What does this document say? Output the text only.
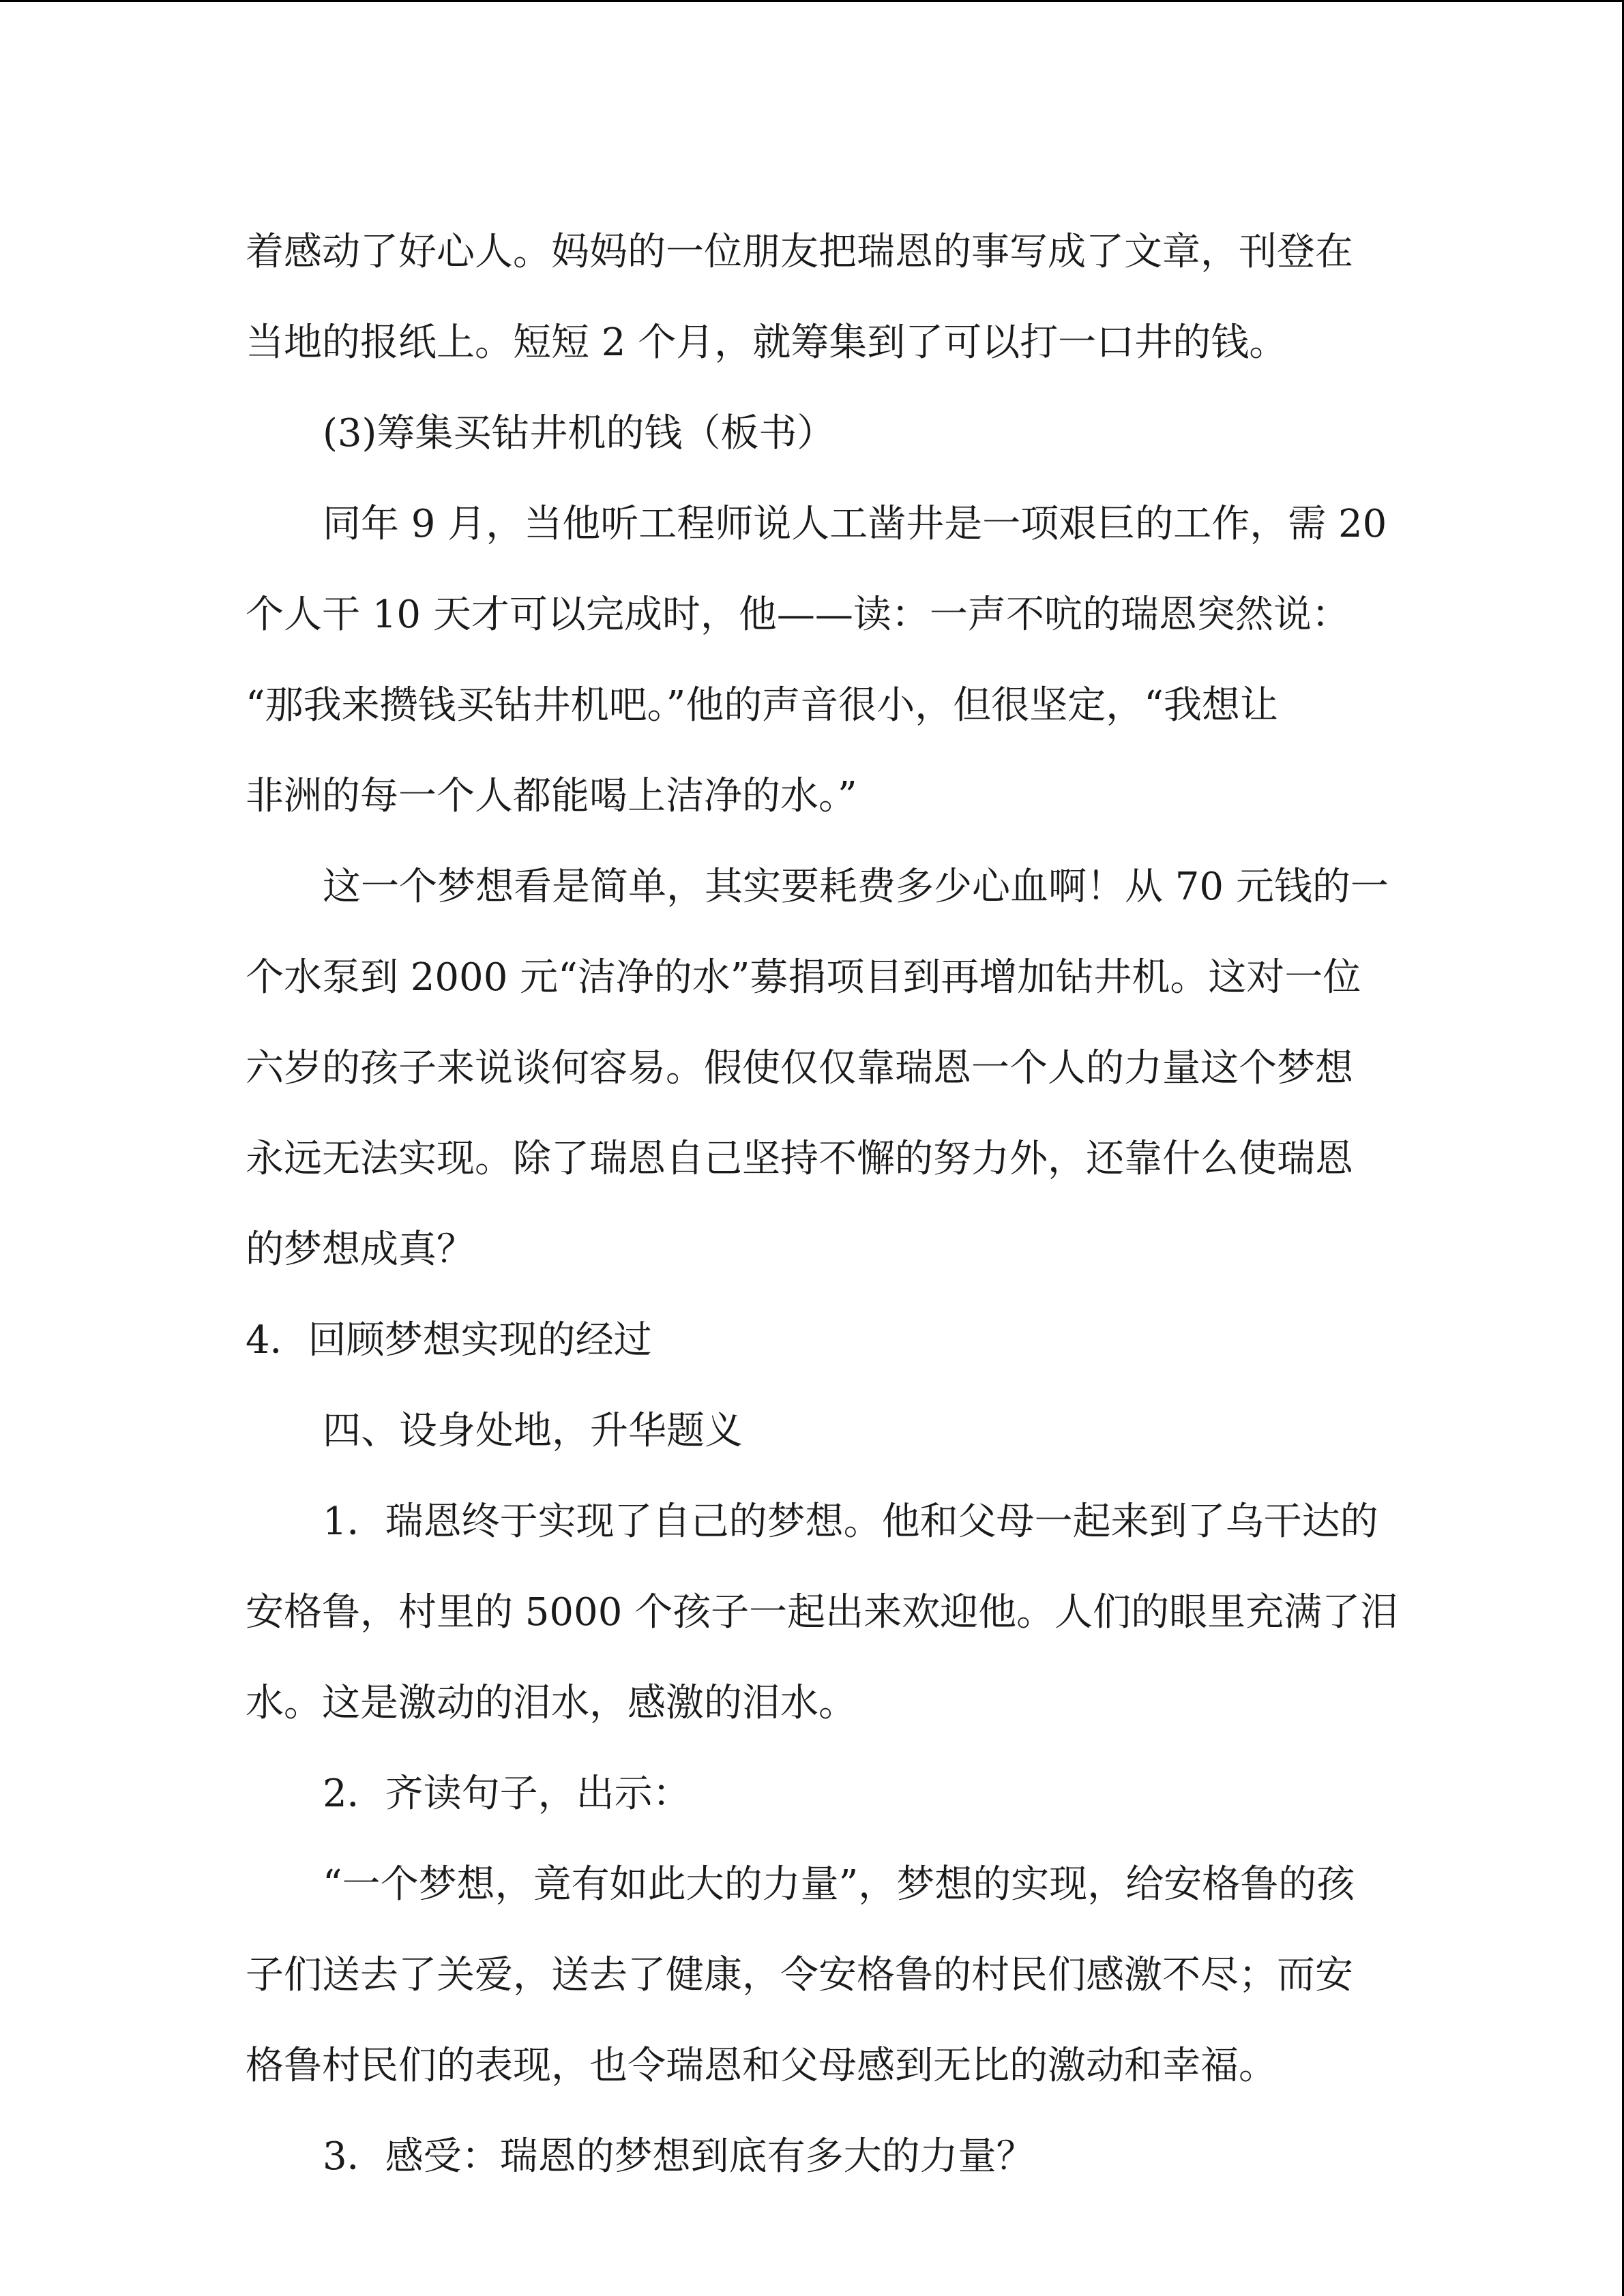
着感动了好心人。妈妈的一位朋友把瑞恩的事写成了文章，刊登在

当地的报纸上。短短 2 个月，就筹集到了可以打一口井的钱。

(3)筹集买钻井机的钱（板书）

同年 9 月，当他听工程师说人工凿井是一项艰巨的工作，需 20

个人干 10 天才可以完成时，他——读：一声不吭的瑞恩突然说：

“那我来攒钱买钻井机吧。”他的声音很小，但很坚定，“我想让

非洲的每一个人都能喝上洁净的水。”

这一个梦想看是简单，其实要耗费多少心血啊！从 70 元钱的一

个水泵到 2000 元“洁净的水”募捐项目到再增加钻井机。这对一位

六岁的孩子来说谈何容易。假使仅仅靠瑞恩一个人的力量这个梦想

永远无法实现。除了瑞恩自己坚持不懈的努力外，还靠什么使瑞恩

的梦想成真？

4．回顾梦想实现的经过

四、设身处地，升华题义

1．瑞恩终于实现了自己的梦想。他和父母一起来到了乌干达的

安格鲁，村里的 5000 个孩子一起出来欢迎他。人们的眼里充满了泪

水。这是激动的泪水，感激的泪水。

2．齐读句子，出示：

“一个梦想，竟有如此大的力量”，梦想的实现，给安格鲁的孩

子们送去了关爱，送去了健康，令安格鲁的村民们感激不尽；而安

格鲁村民们的表现，也令瑞恩和父母感到无比的激动和幸福。

3．感受：瑞恩的梦想到底有多大的力量？
